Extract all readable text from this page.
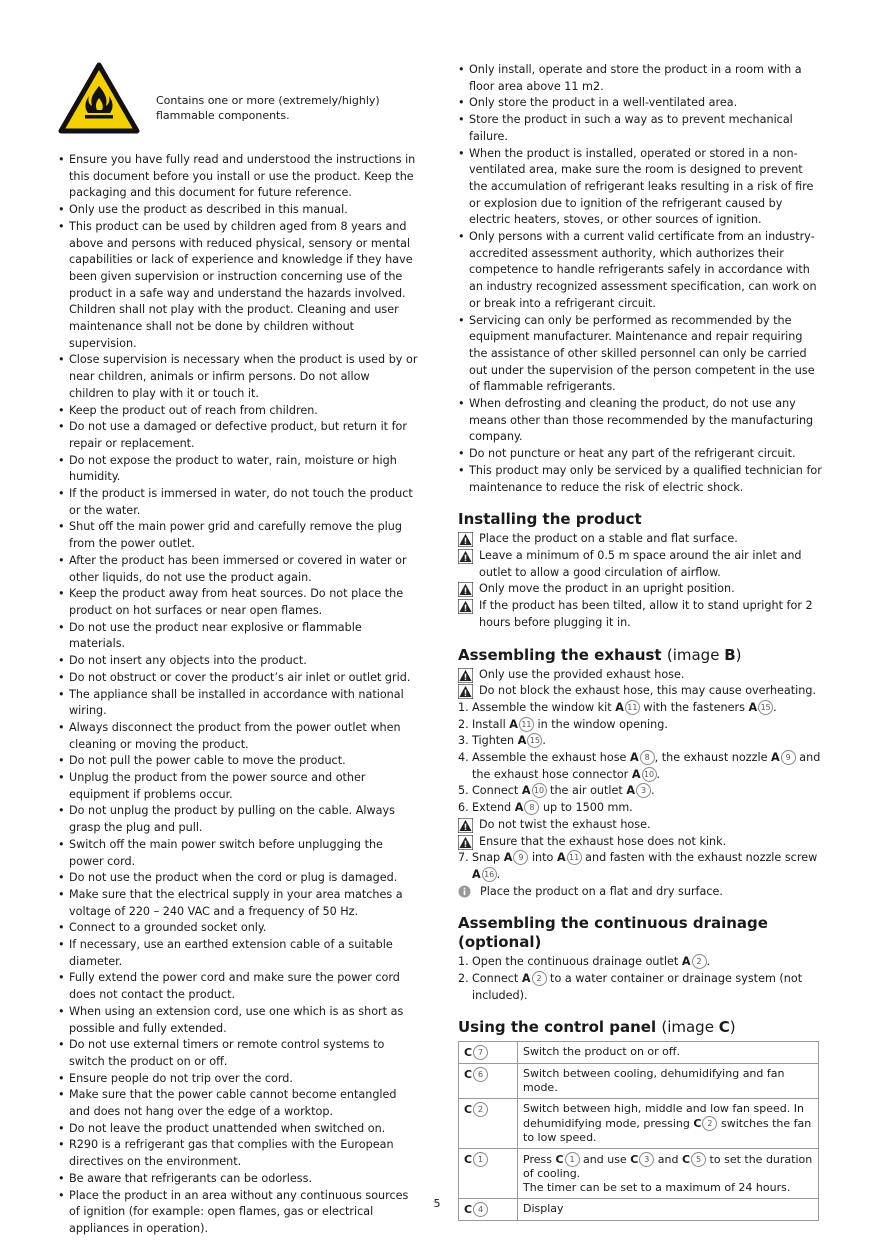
Contains one or more (extremely/highly) flammable components.
• Ensure you have fully read and understood the instructions in this document before you install or use the product. Keep the packaging and this document for future reference.
• Only use the product as described in this manual.
• This product can be used by children aged from 8 years and above and persons with reduced physical, sensory or mental capabilities or lack of experience and knowledge if they have been given supervision or instruction concerning use of the product in a safe way and understand the hazards involved. Children shall not play with the product. Cleaning and user maintenance shall not be done by children without supervision.
• Close supervision is necessary when the product is used by or near children, animals or infirm persons. Do not allow children to play with it or touch it.
• Keep the product out of reach from children.
• Do not use a damaged or defective product, but return it for repair or replacement.
• Do not expose the product to water, rain, moisture or high humidity.
• If the product is immersed in water, do not touch the product or the water.
• Shut off the main power grid and carefully remove the plug from the power outlet.
• After the product has been immersed or covered in water or other liquids, do not use the product again.
• Keep the product away from heat sources. Do not place the product on hot surfaces or near open flames.
• Do not use the product near explosive or flammable materials.
• Do not insert any objects into the product.
• Do not obstruct or cover the product’s air inlet or outlet grid.
• The appliance shall be installed in accordance with national wiring.
• Always disconnect the product from the power outlet when cleaning or moving the product.
• Do not pull the power cable to move the product.
• Unplug the product from the power source and other equipment if problems occur.
• Do not unplug the product by pulling on the cable. Always grasp the plug and pull.
• Switch off the main power switch before unplugging the power cord.
• Do not use the product when the cord or plug is damaged.
• Make sure that the electrical supply in your area matches a voltage of 220 – 240 VAC and a frequency of 50 Hz.
• Connect to a grounded socket only.
• If necessary, use an earthed extension cable of a suitable diameter.
• Fully extend the power cord and make sure the power cord does not contact the product.
• When using an extension cord, use one which is as short as possible and fully extended.
• Do not use external timers or remote control systems to switch the product on or off.
• Ensure people do not trip over the cord.
• Make sure that the power cable cannot become entangled and does not hang over the edge of a worktop.
• Do not leave the product unattended when switched on.
• R290 is a refrigerant gas that complies with the European directives on the environment.
• Be aware that refrigerants can be odorless.
• Place the product in an area without any continuous sources of ignition (for example: open flames, gas or electrical appliances in operation).
• Only install, operate and store the product in a room with a floor area above 11 m2.
• Only store the product in a well-ventilated area.
• Store the product in such a way as to prevent mechanical failure.
• When the product is installed, operated or stored in a non-ventilated area, make sure the room is designed to prevent the accumulation of refrigerant leaks resulting in a risk of fire or explosion due to ignition of the refrigerant caused by electric heaters, stoves, or other sources of ignition.
• Only persons with a current valid certificate from an industry-accredited assessment authority, which authorizes their competence to handle refrigerants safely in accordance with an industry recognized assessment specification, can work on or break into a refrigerant circuit.
• Servicing can only be performed as recommended by the equipment manufacturer. Maintenance and repair requiring the assistance of other skilled personnel can only be carried out under the supervision of the person competent in the use of flammable refrigerants.
• When defrosting and cleaning the product, do not use any means other than those recommended by the manufacturing company.
• Do not puncture or heat any part of the refrigerant circuit.
• This product may only be serviced by a qualified technician for maintenance to reduce the risk of electric shock.
Installing the product
Place the product on a stable and flat surface.
Leave a minimum of 0.5 m space around the air inlet and outlet to allow a good circulation of airflow.
Only move the product in an upright position.
If the product has been tilted, allow it to stand upright for 2 hours before plugging it in.
Assembling the exhaust (image B)
Only use the provided exhaust hose.
Do not block the exhaust hose, this may cause overheating.
1. Assemble the window kit A 11 with the fasteners A 15 .
2. Install A 11 in the window opening.
3. Tighten A 15 .
4. Assemble the exhaust hose A 8 , the exhaust nozzle A 9 and the exhaust hose connector A 10 .
5. Connect A 10 the air outlet A 3 .
6. Extend A 8 up to 1500 mm.
Do not twist the exhaust hose.
Ensure that the exhaust hose does not kink.
7. Snap A 9 into A 11 and fasten with the exhaust nozzle screw A 16 .
Place the product on a flat and dry surface.
Assembling the continuous drainage (optional)
1. Open the continuous drainage outlet A 2 .
2. Connect A 2 to a water container or drainage system (not included).
Using the control panel (image C)
C 7	Switch the product on or off.
C 6	Switch between cooling, dehumidifying and fan mode.
C 2	Switch between high, middle and low fan speed. In dehumidifying mode, pressing C 2 switches the fan to low speed.
C 1	Press C 1 and use C 3 and C 5 to set the duration of cooling.
The timer can be set to a maximum of 24 hours.
C 4	Display
5
